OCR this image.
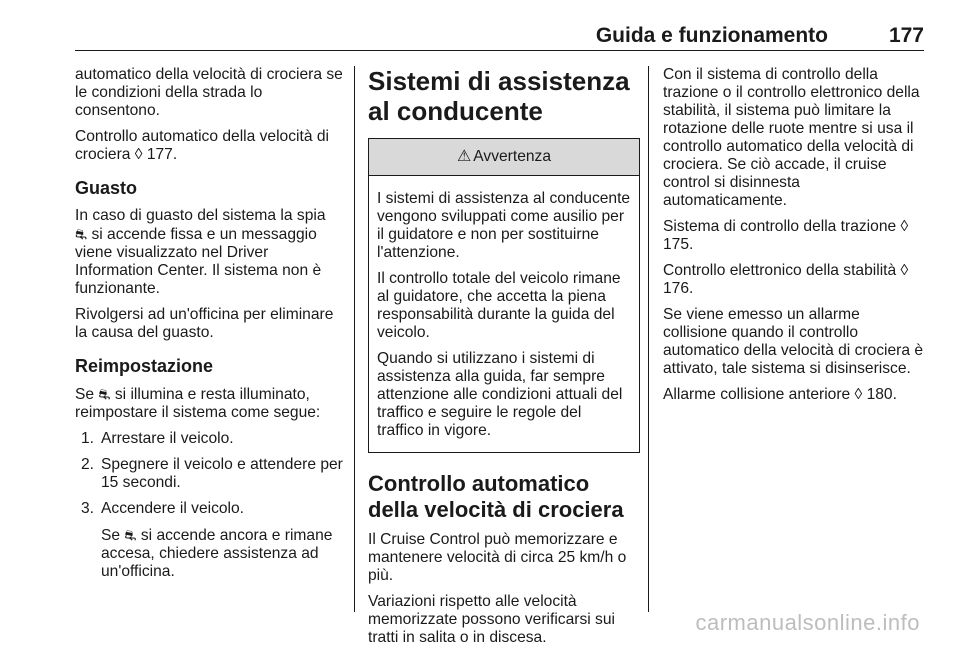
Guida e funzionamento	177

automatico della velocità di crociera se le condizioni della strada lo consentono.

Controllo automatico della velocità di crociera ◊ 177.

Guasto

In caso di guasto del sistema la spia
⛐ si accende fissa e un messaggio viene visualizzato nel Driver Information Center. Il sistema non è funzionante.

Rivolgersi ad un'officina per eliminare la causa del guasto.

Reimpostazione

Se ⛐ si illumina e resta illuminato, reimpostare il sistema come segue:

1. Arrestare il veicolo.
2. Spegnere il veicolo e attendere per 15 secondi.
3. Accendere il veicolo.

Se ⛐ si accende ancora e rimane accesa, chiedere assistenza ad un'officina.

Sistemi di assistenza al conducente
⚠ Avvertenza

I sistemi di assistenza al conducente vengono sviluppati come ausilio per il guidatore e non per sostituirne l'attenzione.

Il controllo totale del veicolo rimane al guidatore, che accetta la piena responsabilità durante la guida del veicolo.

Quando si utilizzano i sistemi di assistenza alla guida, far sempre attenzione alle condizioni attuali del traffico e seguire le regole del traffico in vigore.

Controllo automatico della velocità di crociera

Il Cruise Control può memorizzare e mantenere velocità di circa 25 km/h o più.

Variazioni rispetto alle velocità memorizzate possono verificarsi sui tratti in salita o in discesa.

Con il sistema di controllo della trazione o il controllo elettronico della stabilità, il sistema può limitare la rotazione delle ruote mentre si usa il controllo automatico della velocità di crociera. Se ciò accade, il cruise control si disinnesta automaticamente.

Sistema di controllo della trazione ◊ 175.

Controllo elettronico della stabilità ◊ 176.

Se viene emesso un allarme collisione quando il controllo automatico della velocità di crociera è attivato, tale sistema si disinserisce.

Allarme collisione anteriore ◊ 180.

carmanualsonline.info
